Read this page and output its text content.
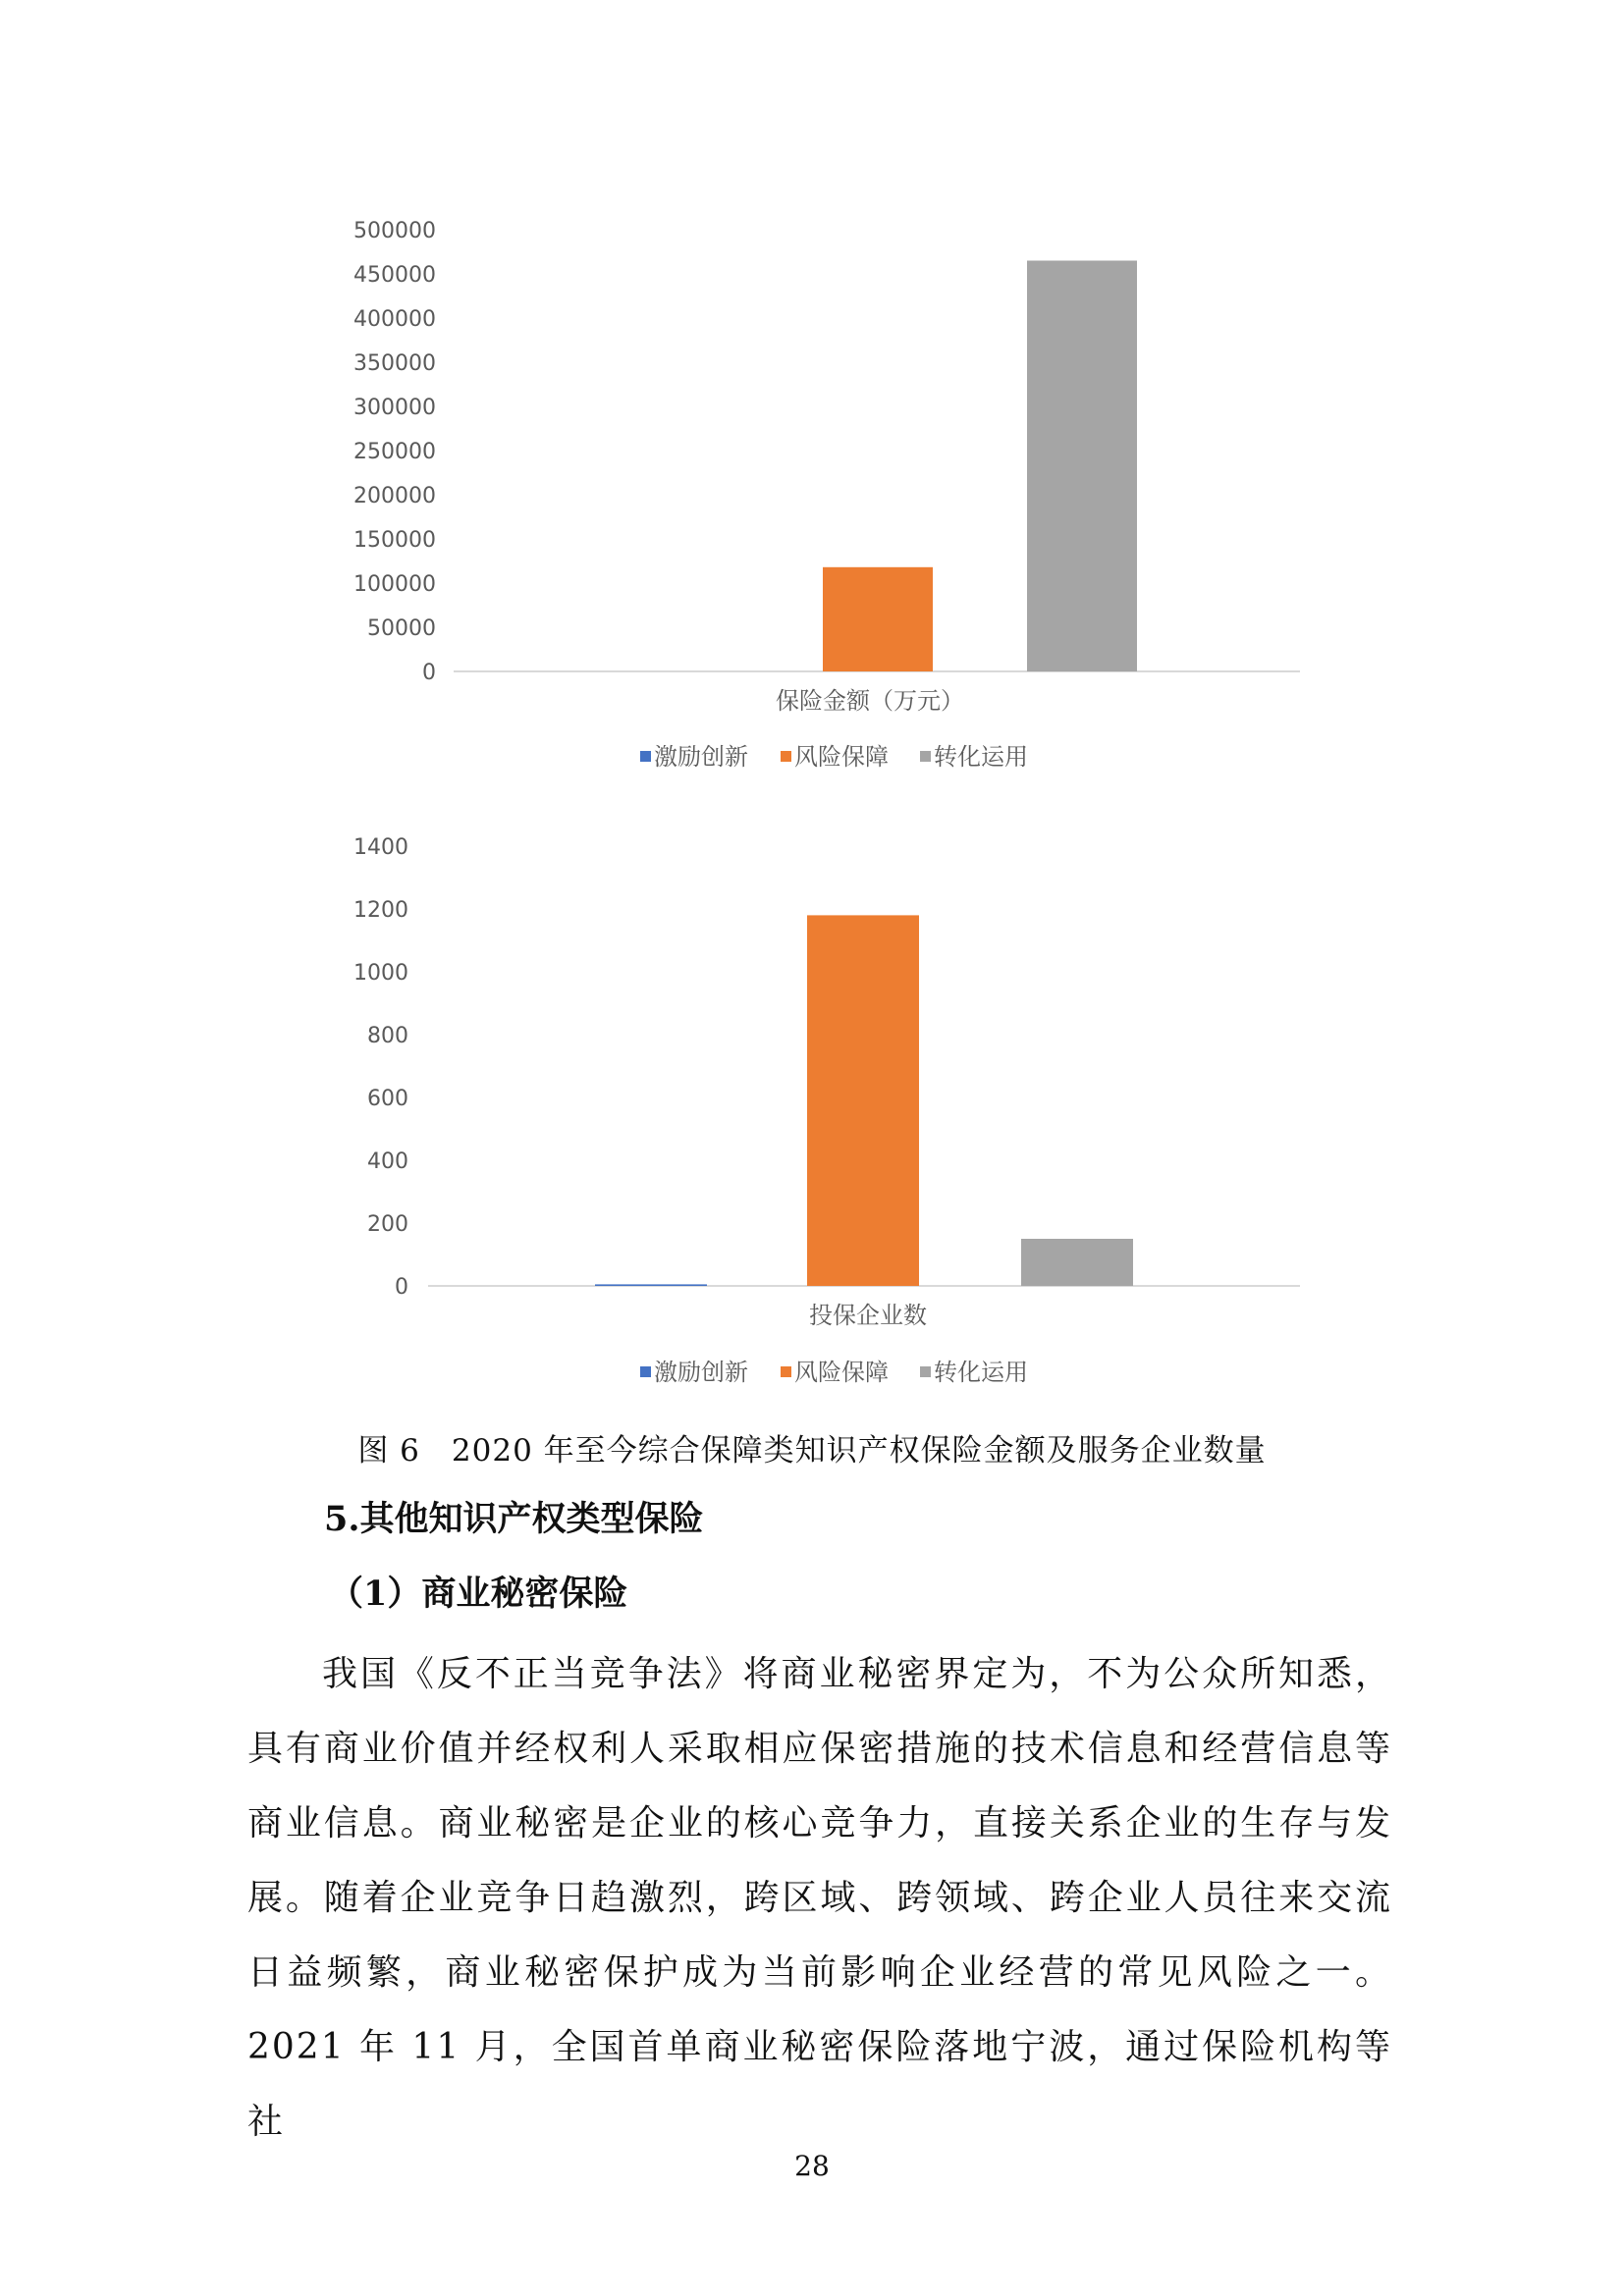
500000
450000
400000
350000
300000
250000
200000
150000
100000
50000
0
保险金额（万元）
激励创新 风险保障 转化运用
1400
1200
1000
800
600
400
200
0
投保企业数
激励创新 风险保障 转化运用
图 6　2020 年至今综合保障类知识产权保险金额及服务企业数量
5.其他知识产权类型保险
（1）商业秘密保险

我国《反不正当竞争法》将商业秘密界定为，不为公众所知悉，具有商业价值并经权利人采取相应保密措施的技术信息和经营信息等商业信息。商业秘密是企业的核心竞争力，直接关系企业的生存与发展。随着企业竞争日趋激烈，跨区域、跨领域、跨企业人员往来交流日益频繁，商业秘密保护成为当前影响企业经营的常见风险之一。2021 年 11 月，全国首单商业秘密保险落地宁波，通过保险机构等社

28
